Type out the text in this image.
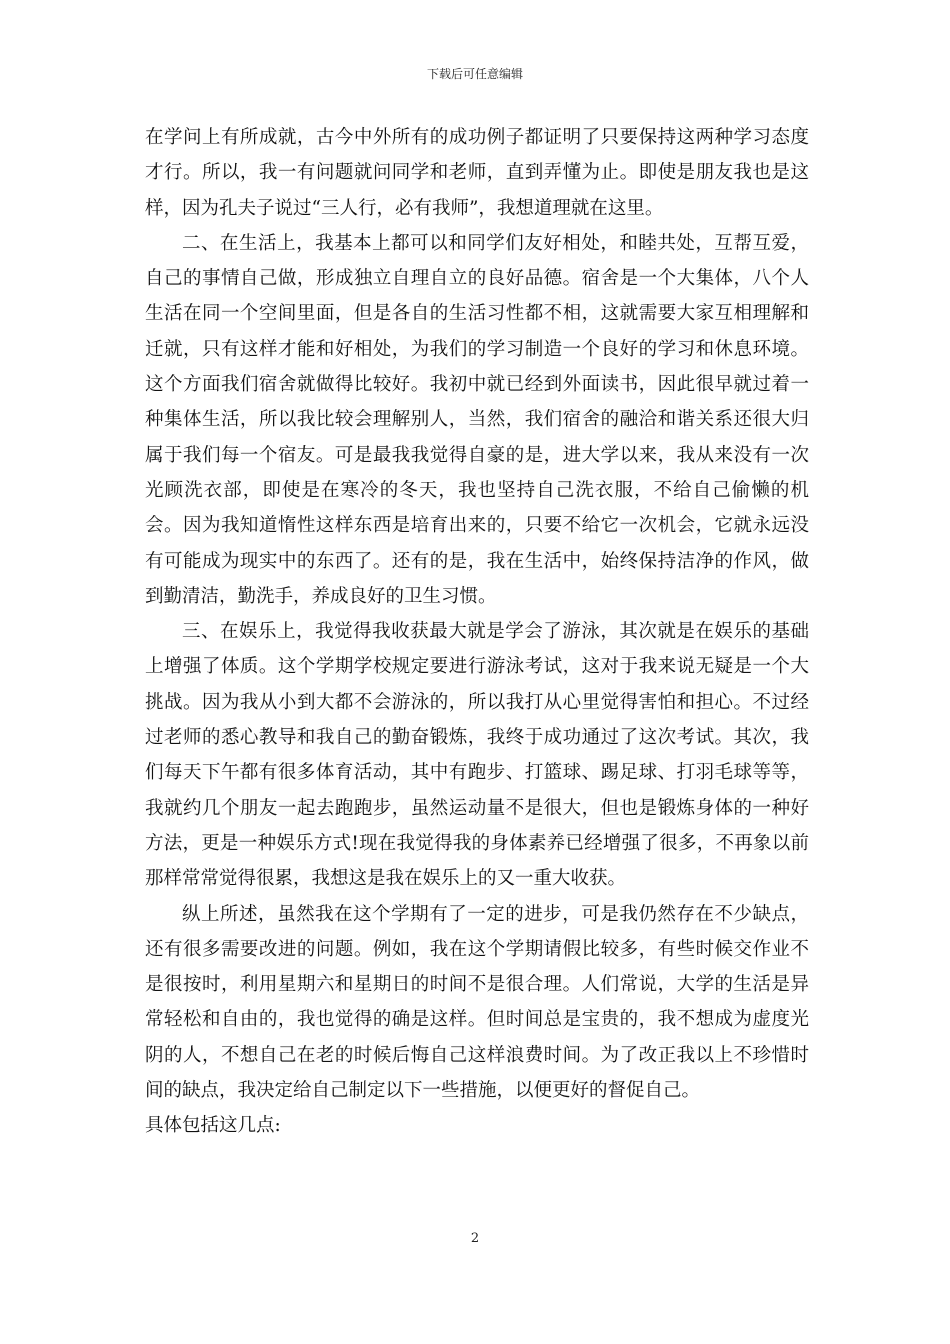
下载后可任意编辑

在学问上有所成就，古今中外所有的成功例子都证明了只要保持这两种学习态度才行。所以，我一有问题就问同学和老师，直到弄懂为止。即使是朋友我也是这样，因为孔夫子说过“三人行，必有我师”，我想道理就在这里。

二、在生活上，我基本上都可以和同学们友好相处，和睦共处，互帮互爱，自己的事情自己做，形成独立自理自立的良好品德。宿舍是一个大集体，八个人生活在同一个空间里面，但是各自的生活习性都不相，这就需要大家互相理解和迁就，只有这样才能和好相处，为我们的学习制造一个良好的学习和休息环境。这个方面我们宿舍就做得比较好。我初中就已经到外面读书，因此很早就过着一种集体生活，所以我比较会理解别人，当然，我们宿舍的融洽和谐关系还很大归属于我们每一个宿友。可是最我我觉得自豪的是，进大学以来，我从来没有一次光顾洗衣部，即使是在寒冷的冬天，我也坚持自己洗衣服，不给自己偷懒的机会。因为我知道惰性这样东西是培育出来的，只要不给它一次机会，它就永远没有可能成为现实中的东西了。还有的是，我在生活中，始终保持洁净的作风，做到勤清洁，勤洗手，养成良好的卫生习惯。

三、在娱乐上，我觉得我收获最大就是学会了游泳，其次就是在娱乐的基础上增强了体质。这个学期学校规定要进行游泳考试，这对于我来说无疑是一个大挑战。因为我从小到大都不会游泳的，所以我打从心里觉得害怕和担心。不过经过老师的悉心教导和我自己的勤奋锻炼，我终于成功通过了这次考试。其次，我们每天下午都有很多体育活动，其中有跑步、打篮球、踢足球、打羽毛球等等，我就约几个朋友一起去跑跑步，虽然运动量不是很大，但也是锻炼身体的一种好方法，更是一种娱乐方式!现在我觉得我的身体素养已经增强了很多，不再象以前那样常常觉得很累，我想这是我在娱乐上的又一重大收获。

纵上所述，虽然我在这个学期有了一定的进步，可是我仍然存在不少缺点，还有很多需要改进的问题。例如，我在这个学期请假比较多，有些时候交作业不是很按时，利用星期六和星期日的时间不是很合理。人们常说，大学的生活是异常轻松和自由的，我也觉得的确是这样。但时间总是宝贵的，我不想成为虚度光阴的人，不想自己在老的时候后悔自己这样浪费时间。为了改正我以上不珍惜时间的缺点，我决定给自己制定以下一些措施，以便更好的督促自己。

具体包括这几点:

2
